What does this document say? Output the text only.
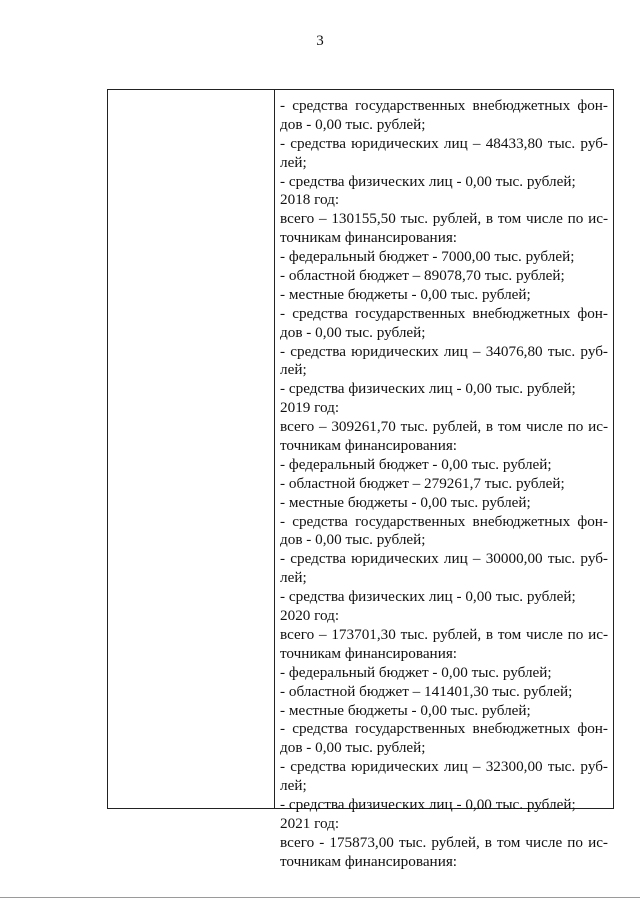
3
- средства государственных внебюджетных фон-
дов - 0,00 тыс. рублей;
- средства юридических лиц – 48433,80 тыс. руб-
лей;
- средства физических лиц - 0,00 тыс. рублей;
2018 год:
всего – 130155,50 тыс. рублей, в том числе по ис-
точникам финансирования:
- федеральный бюджет - 7000,00 тыс. рублей;
- областной бюджет – 89078,70 тыс. рублей;
- местные бюджеты - 0,00 тыс. рублей;
- средства государственных внебюджетных фон-
дов - 0,00 тыс. рублей;
- средства юридических лиц – 34076,80 тыс. руб-
лей;
- средства физических лиц - 0,00 тыс. рублей;
2019 год:
всего – 309261,70 тыс. рублей, в том числе по ис-
точникам финансирования:
- федеральный бюджет - 0,00 тыс. рублей;
- областной бюджет – 279261,7 тыс. рублей;
- местные бюджеты - 0,00 тыс. рублей;
- средства государственных внебюджетных фон-
дов - 0,00 тыс. рублей;
- средства юридических лиц – 30000,00 тыс. руб-
лей;
- средства физических лиц - 0,00 тыс. рублей;
2020 год:
всего – 173701,30 тыс. рублей, в том числе по ис-
точникам финансирования:
- федеральный бюджет - 0,00 тыс. рублей;
- областной бюджет – 141401,30 тыс. рублей;
- местные бюджеты - 0,00 тыс. рублей;
- средства государственных внебюджетных фон-
дов - 0,00 тыс. рублей;
- средства юридических лиц – 32300,00 тыс. руб-
лей;
- средства физических лиц - 0,00 тыс. рублей;
2021 год:
всего - 175873,00 тыс. рублей, в том числе по ис-
точникам финансирования:
